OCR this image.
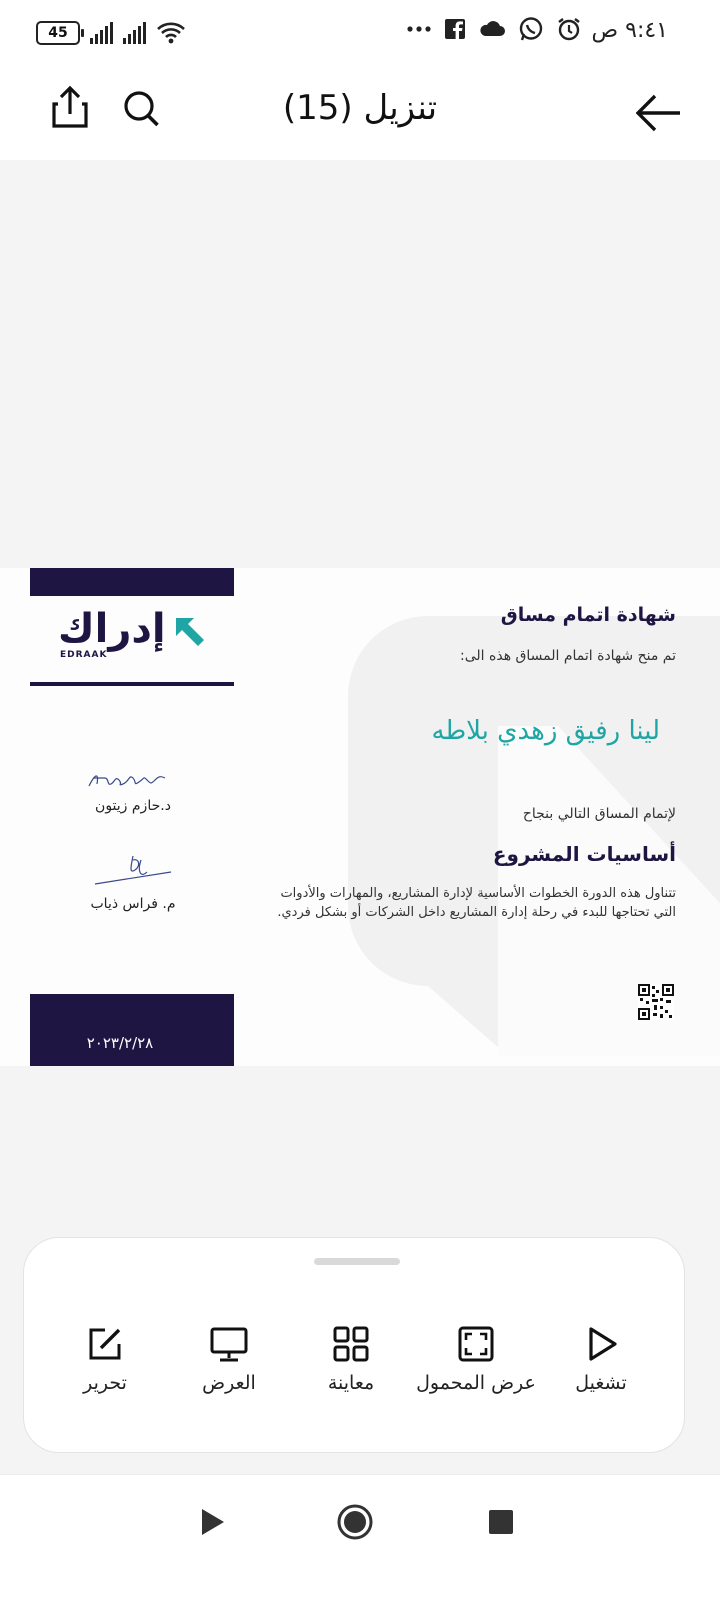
٩:٤١ ص
45
تنزيل (15)
إدراك
EDRAAK
د.حازم زيتون
م. فراس ذياب
٢٠٢٣/٢/٢٨
شهادة اتمام مساق
تم منح شهادة اتمام المساق هذه الى:
لينا رفيق زهدي بلاطه
لإتمام المساق التالي بنجاح
أساسيات المشروع
تتناول هذه الدورة الخطوات الأساسية لإدارة المشاريع، والمهارات والأدوات
التي تحتاجها للبدء في رحلة إدارة المشاريع داخل الشركات أو بشكل فردي.
تشغيل
عرض المحمول
معاينة
العرض
تحرير
